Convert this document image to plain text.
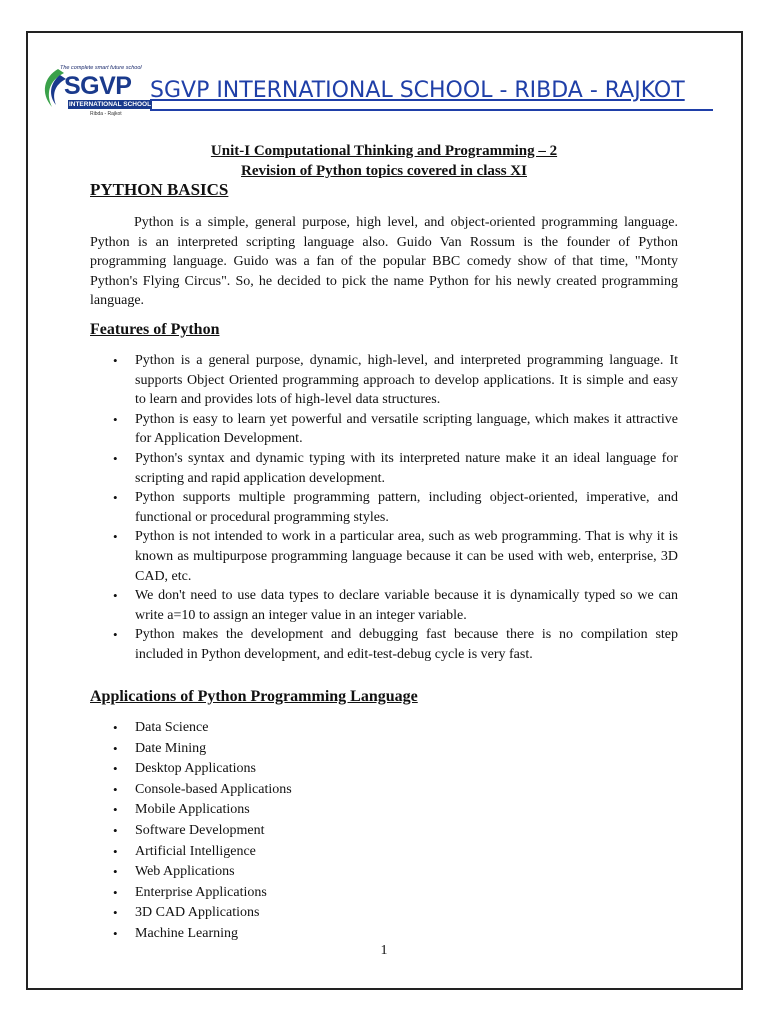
The complete smart future school
SGVP
INTERNATIONAL SCHOOL
Ribda - Rajkot
SGVP INTERNATIONAL SCHOOL - RIBDA - RAJKOT
Unit-I Computational Thinking and Programming – 2
Revision of Python topics covered in class XI
PYTHON BASICS

Python is a simple, general purpose, high level, and object-oriented programming language. Python is an interpreted scripting language also. Guido Van Rossum is the founder of Python programming language. Guido was a fan of the popular BBC comedy show of that time, "Monty Python's Flying Circus". So, he decided to pick the name Python for his newly created programming language.

Features of Python
• Python is a general purpose, dynamic, high-level, and interpreted programming language. It supports Object Oriented programming approach to develop applications. It is simple and easy to learn and provides lots of high-level data structures.
• Python is easy to learn yet powerful and versatile scripting language, which makes it attractive for Application Development.
• Python's syntax and dynamic typing with its interpreted nature make it an ideal language for scripting and rapid application development.
• Python supports multiple programming pattern, including object-oriented, imperative, and functional or procedural programming styles.
• Python is not intended to work in a particular area, such as web programming. That is why it is known as multipurpose programming language because it can be used with web, enterprise, 3D CAD, etc.
• We don't need to use data types to declare variable because it is dynamically typed so we can write a=10 to assign an integer value in an integer variable.
• Python makes the development and debugging fast because there is no compilation step included in Python development, and edit-test-debug cycle is very fast.
Applications of Python Programming Language
• Data Science
• Date Mining
• Desktop Applications
• Console-based Applications
• Mobile Applications
• Software Development
• Artificial Intelligence
• Web Applications
• Enterprise Applications
• 3D CAD Applications
• Machine Learning
1
